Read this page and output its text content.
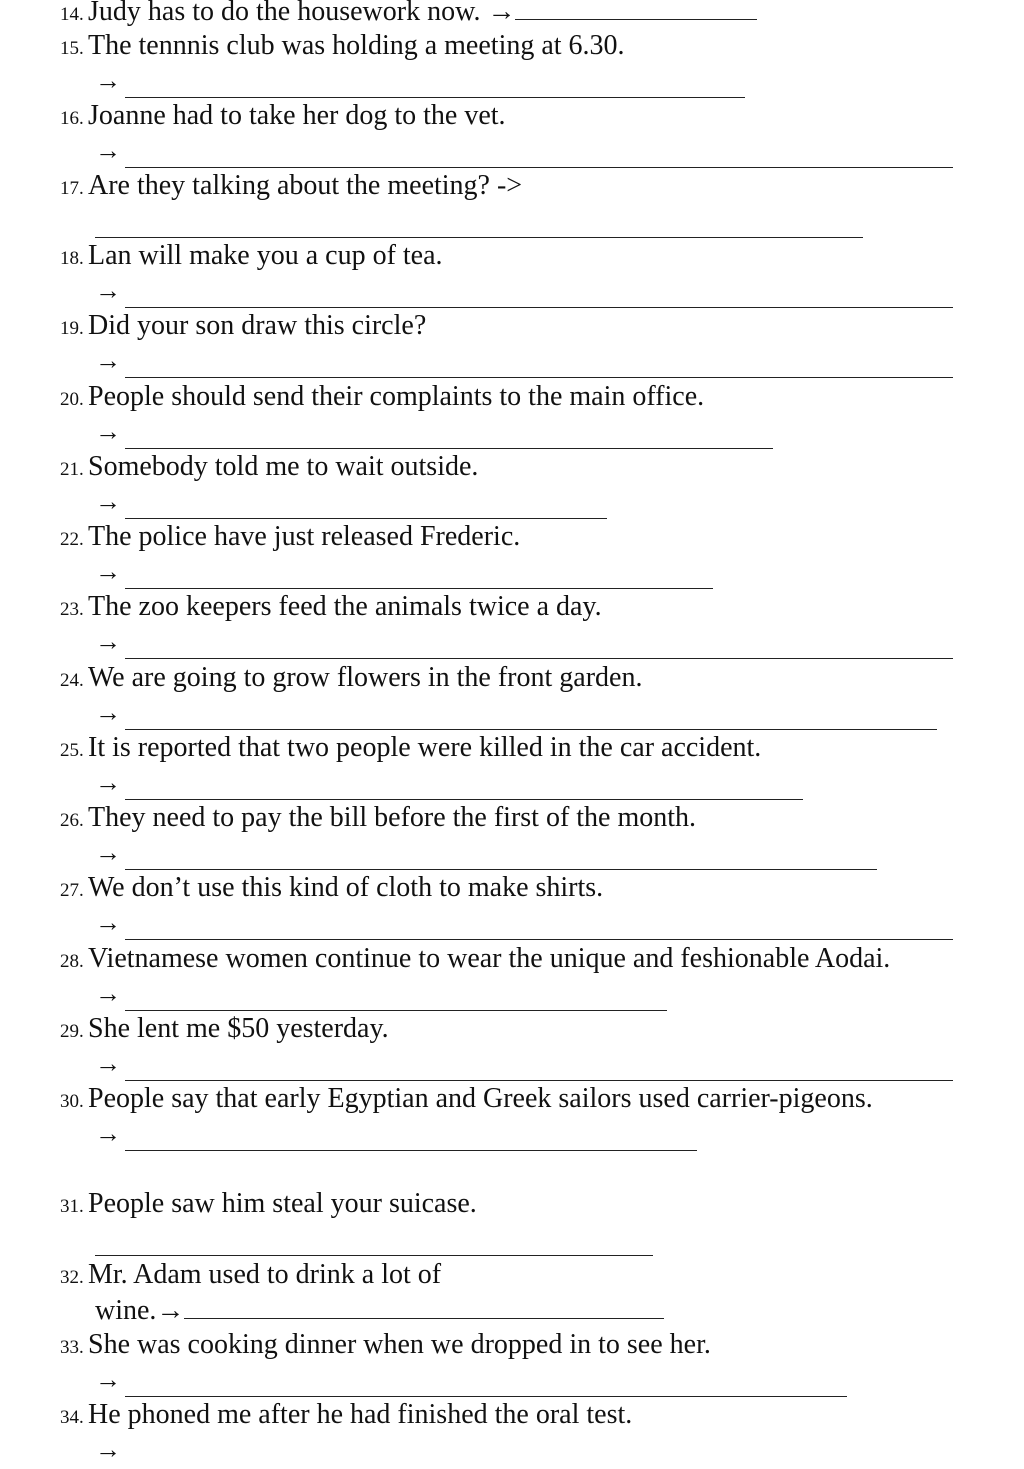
14. Judy has to do the housework now. →
15. The tennnis club was holding a meeting at 6.30.
→
16. Joanne had to take her dog to the vet.
→
17. Are they talking about the meeting? ->
18. Lan will make you a cup of tea.
→
19. Did your son draw this circle?
→
20. People should send their complaints to the main office.
→
21. Somebody told me to wait outside.
→
22. The police have just released Frederic.
→
23. The zoo keepers feed the animals twice a day.
→
24. We are going to grow flowers in the front garden.
→
25. It is reported that two people were killed in the car accident.
→
26. They need to pay the bill before the first of the month.
→
27. We don’t use this kind of cloth to make shirts.
→
28. Vietnamese women continue to wear the unique and feshionable Aodai.
→
29. She lent me $50 yesterday.
→
30. People say that early Egyptian and Greek sailors used carrier-pigeons.
→
31. People saw him steal your suicase.
32. Mr. Adam used to drink a lot of
wine.→
33. She was cooking dinner when we dropped in to see her.
→
34. He phoned me after he had finished the oral test.
→
